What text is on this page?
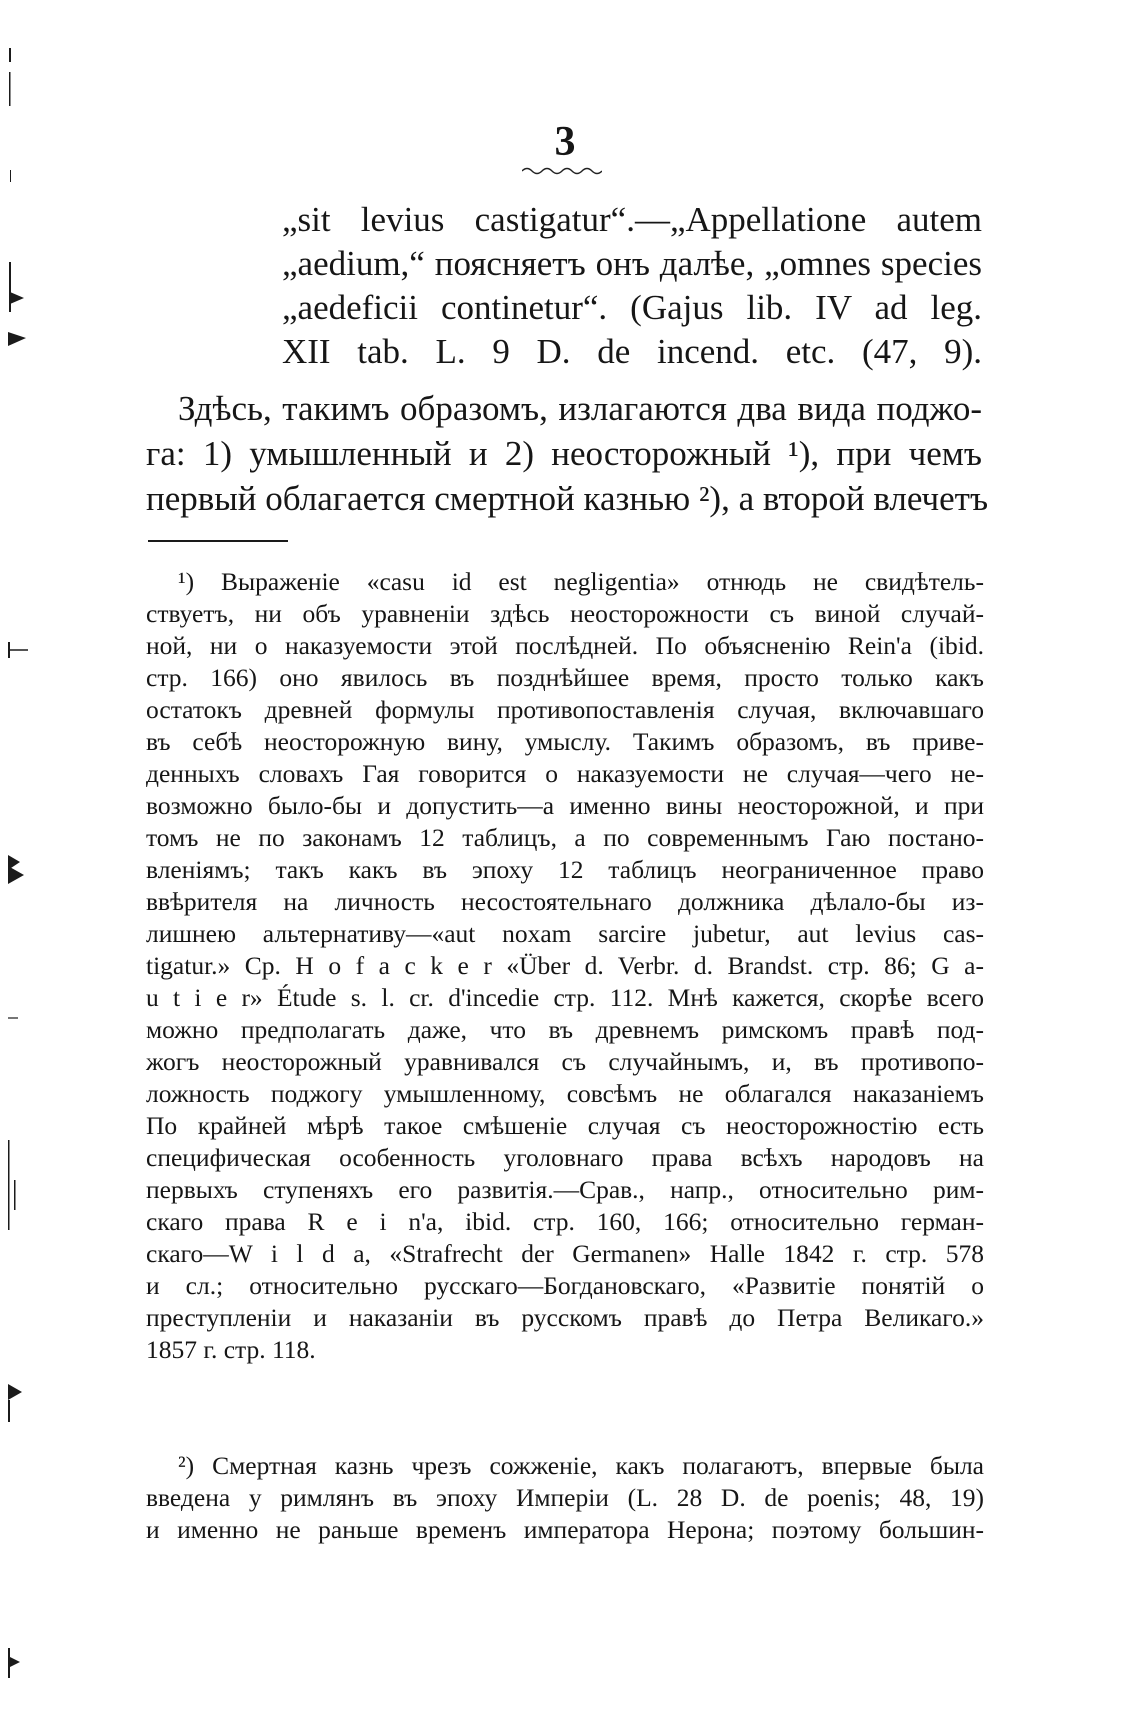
3
„sit levius castigatur“.—„Appellatione autem
„aedium,“ поясняетъ онъ далѣе, „omnes species
„aedeficii continetur“. (Gajus lib. IV ad leg.
XII tab. L. 9 D. de incend. etc. (47, 9).
Здѣсь, такимъ образомъ, излагаются два вида поджо-
га: 1) умышленный и 2) неосторожный ¹), при чемъ
первый облагается смертной казнью ²), а второй влечетъ
¹) Выраженіе «casu id est negligentia» отнюдь не свидѣтель-
ствуетъ, ни объ уравненіи здѣсь неосторожности съ виной случай-
ной, ни о наказуемости этой послѣдней. По объясненію Rein'a (ibid.
стр. 166) оно явилось въ позднѣйшее время, просто только какъ
остатокъ древней формулы противопоставленія случая, включавшаго
въ себѣ неосторожную вину, умыслу. Такимъ образомъ, въ приве-
денныхъ словахъ Гая говорится о наказуемости не случая—чего не-
возможно было-бы и допустить—а именно вины неосторожной, и при
томъ не по законамъ 12 таблицъ, а по современнымъ Гаю постано-
вленіямъ; такъ какъ въ эпоху 12 таблицъ неограниченное право
ввѣрителя на личность несостоятельнаго должника дѣлало-бы из-
лишнею альтернативу—«aut noxam sarcire jubetur, aut levius cas-
tigatur.» Ср. H o f a c k e r «Über d. Verbr. d. Brandst. стр. 86; G a-
u t i e r» Étude s. l. cr. d'incedie стр. 112. Мнѣ кажется, скорѣе всего
можно предполагать даже, что въ древнемъ римскомъ правѣ под-
жогъ неосторожный уравнивался съ случайнымъ, и, въ противопо-
ложность поджогу умышленному, совсѣмъ не облагался наказаніемъ
По крайней мѣрѣ такое смѣшеніе случая съ неосторожностію есть
специфическая особенность уголовнаго права всѣхъ народовъ на
первыхъ ступеняхъ его развитія.—Срав., напр., относительно рим-
скаго права R e i n'a, ibid. стр. 160, 166; относительно герман-
скаго—W i l d a, «Strafrecht der Germanen» Halle 1842 г. стр. 578
и сл.; относительно русскаго—Богдановскаго, «Развитіе понятій о
преступленіи и наказаніи въ русскомъ правѣ до Петра Великаго.»
1857 г. стр. 118.
²) Смертная казнь чрезъ сожженіе, какъ полагаютъ, впервые была
введена у римлянъ въ эпоху Имперіи (L. 28 D. de poenis; 48, 19)
и именно не раньше временъ императора Нерона; поэтому большин-
